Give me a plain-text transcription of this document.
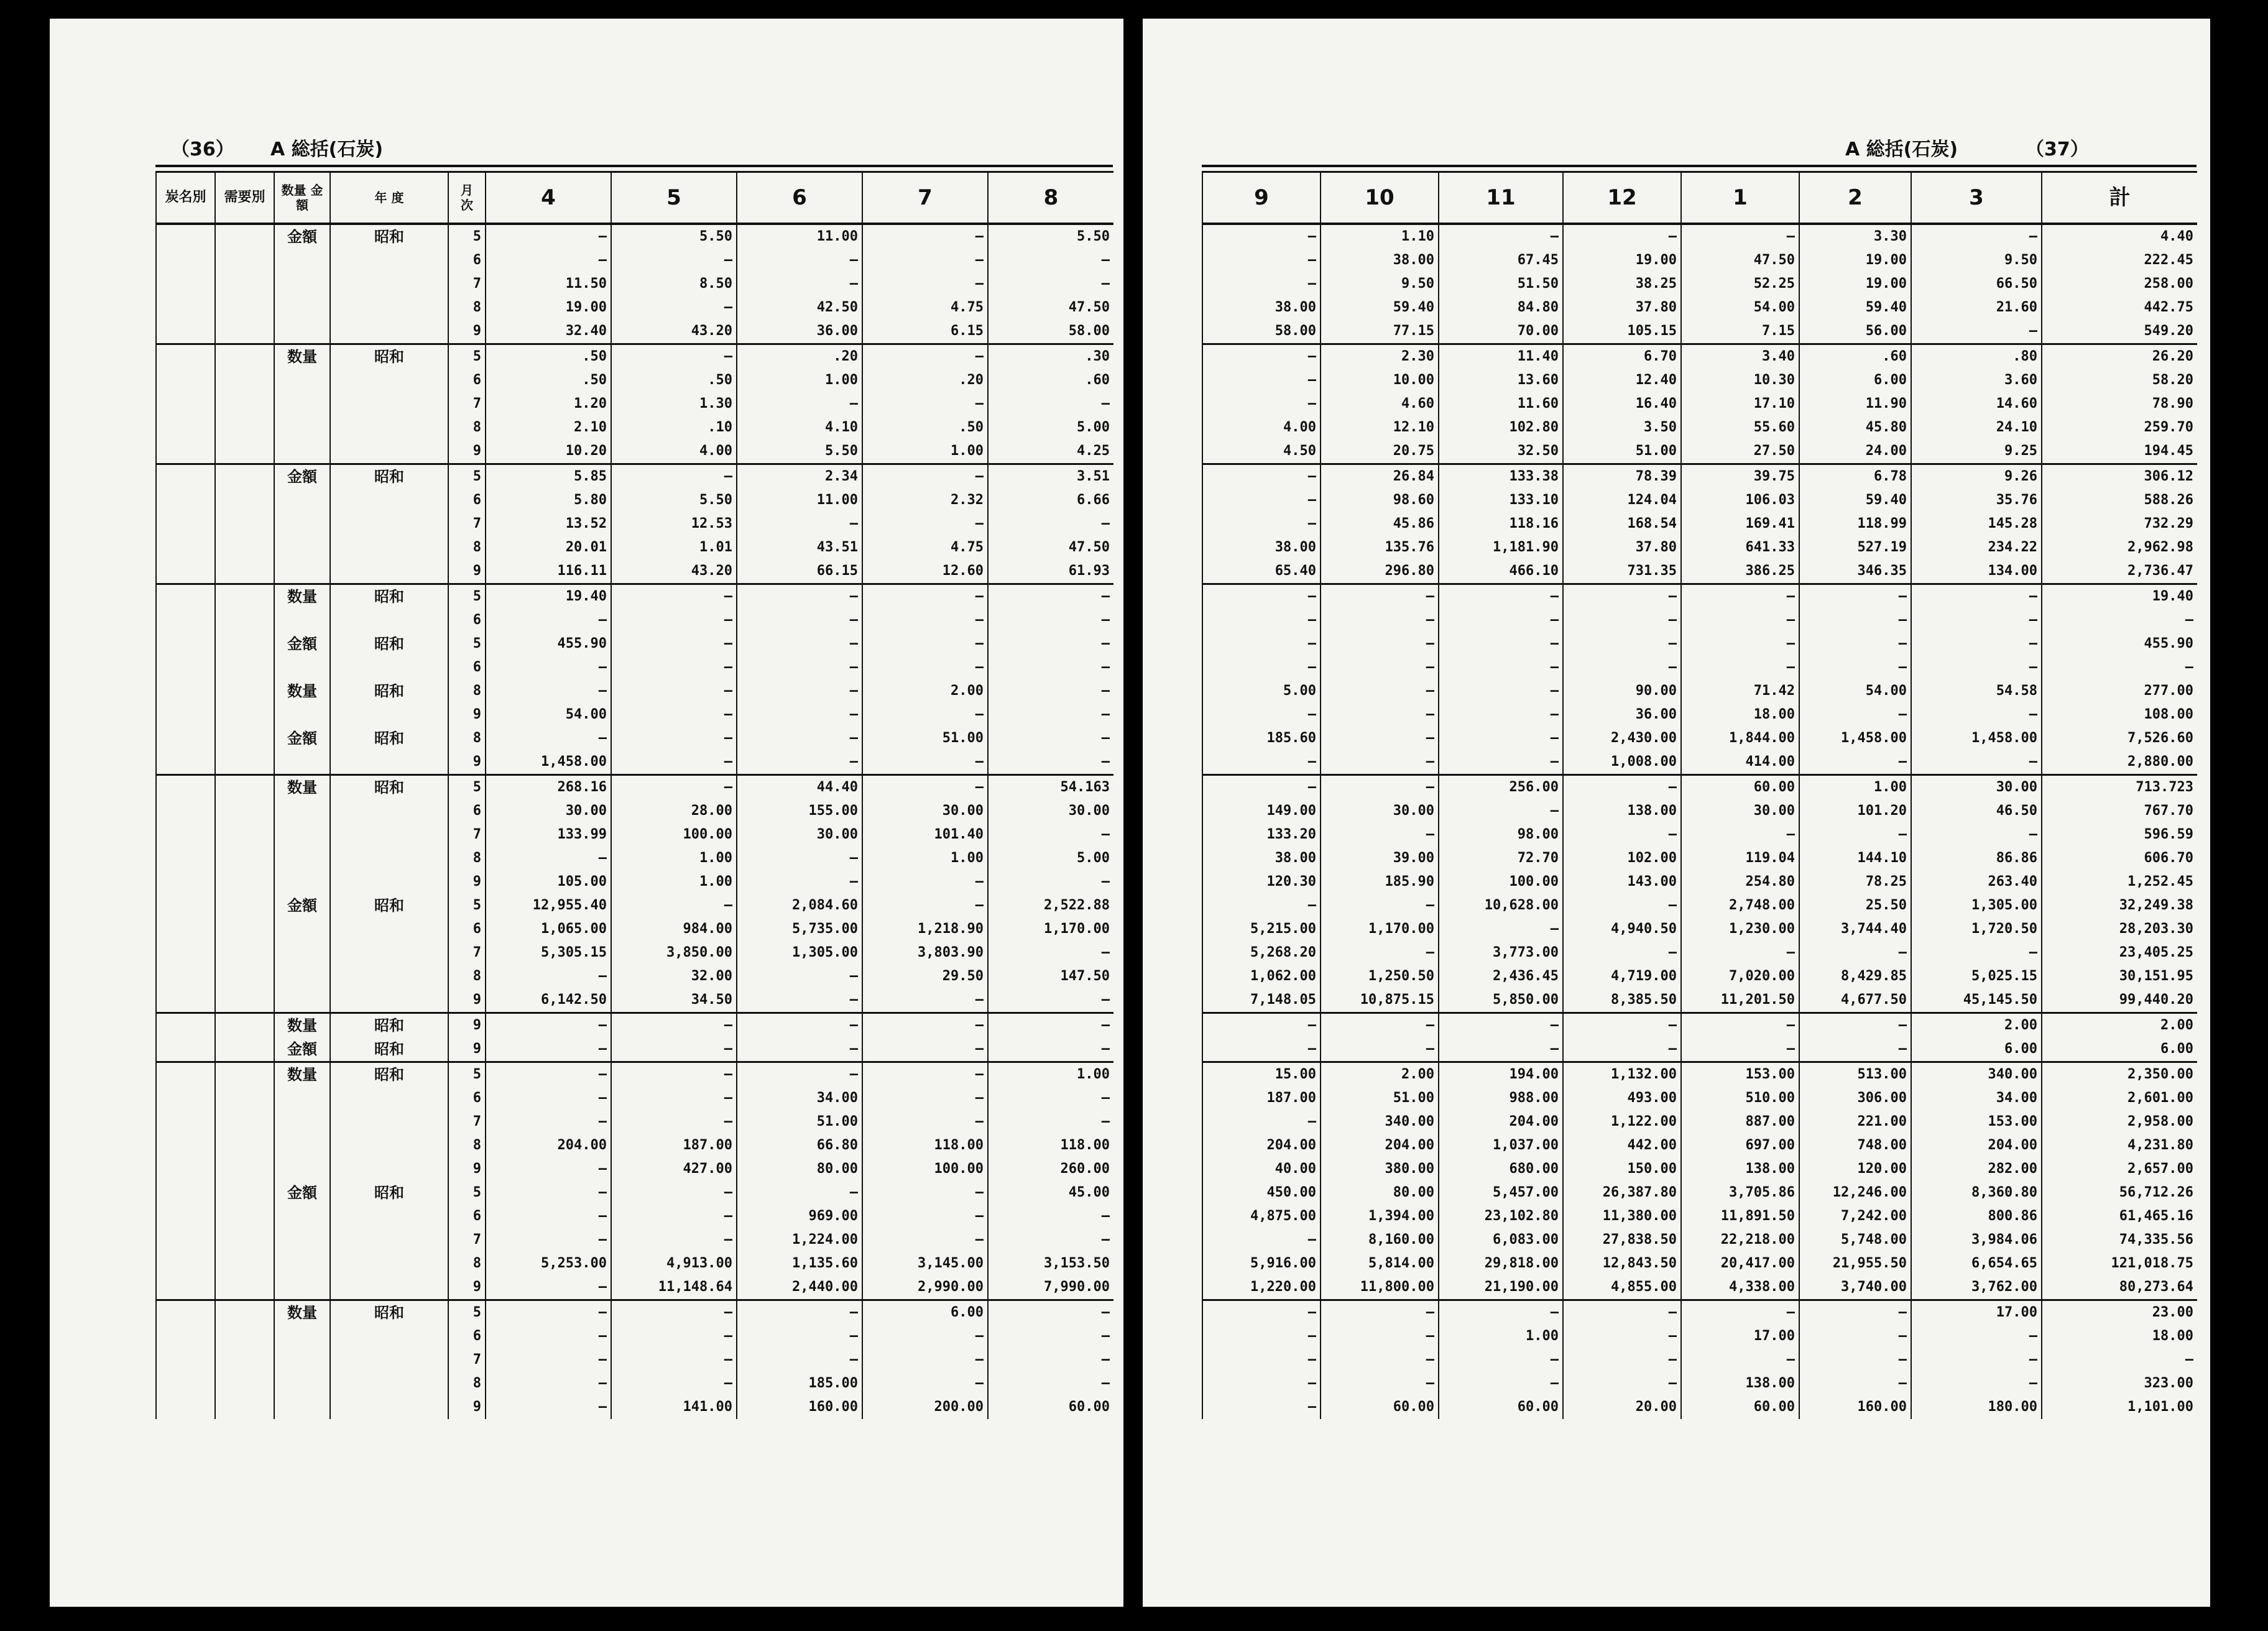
（36） A 総括(石炭)
炭名別	需要別	数量 金額	年 度	月 次	4	5	6	7	8
		金額	昭和	5	—	5.50	11.00	—	5.50
				6	—	—	—	—	—
				7	11.50	8.50	—	—	—
				8	19.00	—	42.50	4.75	47.50
				9	32.40	43.20	36.00	6.15	58.00
		数量	昭和	5	.50	—	.20	—	.30
				6	.50	.50	1.00	.20	.60
				7	1.20	1.30	—	—	—
				8	2.10	.10	4.10	.50	5.00
				9	10.20	4.00	5.50	1.00	4.25
		金額	昭和	5	5.85	—	2.34	—	3.51
				6	5.80	5.50	11.00	2.32	6.66
				7	13.52	12.53	—	—	—
				8	20.01	1.01	43.51	4.75	47.50
				9	116.11	43.20	66.15	12.60	61.93
		数量	昭和	5	19.40	—	—	—	—
				6	—	—	—	—	—
		金額	昭和	5	455.90	—	—	—	—
				6	—	—	—	—	—
		数量	昭和	8	—	—	—	2.00	—
				9	54.00	—	—	—	—
		金額	昭和	8	—	—	—	51.00	—
				9	1,458.00	—	—	—	—
		数量	昭和	5	268.16	—	44.40	—	54.163
				6	30.00	28.00	155.00	30.00	30.00
				7	133.99	100.00	30.00	101.40	—
				8	—	1.00	—	1.00	5.00
				9	105.00	1.00	—	—	—
		金額	昭和	5	12,955.40	—	2,084.60	—	2,522.88
				6	1,065.00	984.00	5,735.00	1,218.90	1,170.00
				7	5,305.15	3,850.00	1,305.00	3,803.90	—
				8	—	32.00	—	29.50	147.50
				9	6,142.50	34.50	—	—	—
		数量	昭和	9	—	—	—	—	—
		金額	昭和	9	—	—	—	—	—
		数量	昭和	5	—	—	—	—	1.00
				6	—	—	34.00	—	—
				7	—	—	51.00	—	—
				8	204.00	187.00	66.80	118.00	118.00
				9	—	427.00	80.00	100.00	260.00
		金額	昭和	5	—	—	—	—	45.00
				6	—	—	969.00	—	—
				7	—	—	1,224.00	—	—
				8	5,253.00	4,913.00	1,135.60	3,145.00	3,153.50
				9	—	11,148.64	2,440.00	2,990.00	7,990.00
		数量	昭和	5	—	—	—	6.00	—
				6	—	—	—	—	—
				7	—	—	—	—	—
				8	—	—	185.00	—	—
				9	—	141.00	160.00	200.00	60.00
A 総括(石炭)	（37）
9	10	11	12	1	2	3	計
—	1.10	—	—	—	3.30	—	4.40
—	38.00	67.45	19.00	47.50	19.00	9.50	222.45
—	9.50	51.50	38.25	52.25	19.00	66.50	258.00
38.00	59.40	84.80	37.80	54.00	59.40	21.60	442.75
58.00	77.15	70.00	105.15	7.15	56.00	—	549.20
—	2.30	11.40	6.70	3.40	.60	.80	26.20
—	10.00	13.60	12.40	10.30	6.00	3.60	58.20
—	4.60	11.60	16.40	17.10	11.90	14.60	78.90
4.00	12.10	102.80	3.50	55.60	45.80	24.10	259.70
4.50	20.75	32.50	51.00	27.50	24.00	9.25	194.45
—	26.84	133.38	78.39	39.75	6.78	9.26	306.12
—	98.60	133.10	124.04	106.03	59.40	35.76	588.26
—	45.86	118.16	168.54	169.41	118.99	145.28	732.29
38.00	135.76	1,181.90	37.80	641.33	527.19	234.22	2,962.98
65.40	296.80	466.10	731.35	386.25	346.35	134.00	2,736.47
—	—	—	—	—	—	—	19.40
—	—	—	—	—	—	—	—
—	—	—	—	—	—	—	455.90
—	—	—	—	—	—	—	—
5.00	—	—	90.00	71.42	54.00	54.58	277.00
—	—	—	36.00	18.00	—	—	108.00
185.60	—	—	2,430.00	1,844.00	1,458.00	1,458.00	7,526.60
—	—	—	1,008.00	414.00	—	—	2,880.00
—	—	256.00	—	60.00	1.00	30.00	713.723
149.00	30.00	—	138.00	30.00	101.20	46.50	767.70
133.20	—	98.00	—	—	—	—	596.59
38.00	39.00	72.70	102.00	119.04	144.10	86.86	606.70
120.30	185.90	100.00	143.00	254.80	78.25	263.40	1,252.45
—	—	10,628.00	—	2,748.00	25.50	1,305.00	32,249.38
5,215.00	1,170.00	—	4,940.50	1,230.00	3,744.40	1,720.50	28,203.30
5,268.20	—	3,773.00	—	—	—	—	23,405.25
1,062.00	1,250.50	2,436.45	4,719.00	7,020.00	8,429.85	5,025.15	30,151.95
7,148.05	10,875.15	5,850.00	8,385.50	11,201.50	4,677.50	45,145.50	99,440.20
—	—	—	—	—	—	2.00	2.00
—	—	—	—	—	—	6.00	6.00
15.00	2.00	194.00	1,132.00	153.00	513.00	340.00	2,350.00
187.00	51.00	988.00	493.00	510.00	306.00	34.00	2,601.00
—	340.00	204.00	1,122.00	887.00	221.00	153.00	2,958.00
204.00	204.00	1,037.00	442.00	697.00	748.00	204.00	4,231.80
40.00	380.00	680.00	150.00	138.00	120.00	282.00	2,657.00
450.00	80.00	5,457.00	26,387.80	3,705.86	12,246.00	8,360.80	56,712.26
4,875.00	1,394.00	23,102.80	11,380.00	11,891.50	7,242.00	800.86	61,465.16
—	8,160.00	6,083.00	27,838.50	22,218.00	5,748.00	3,984.06	74,335.56
5,916.00	5,814.00	29,818.00	12,843.50	20,417.00	21,955.50	6,654.65	121,018.75
1,220.00	11,800.00	21,190.00	4,855.00	4,338.00	3,740.00	3,762.00	80,273.64
—	—	—	—	—	—	17.00	23.00
—	—	1.00	—	17.00	—	—	18.00
—	—	—	—	—	—	—	—
—	—	—	—	138.00	—	—	323.00
—	60.00	60.00	20.00	60.00	160.00	180.00	1,101.00
